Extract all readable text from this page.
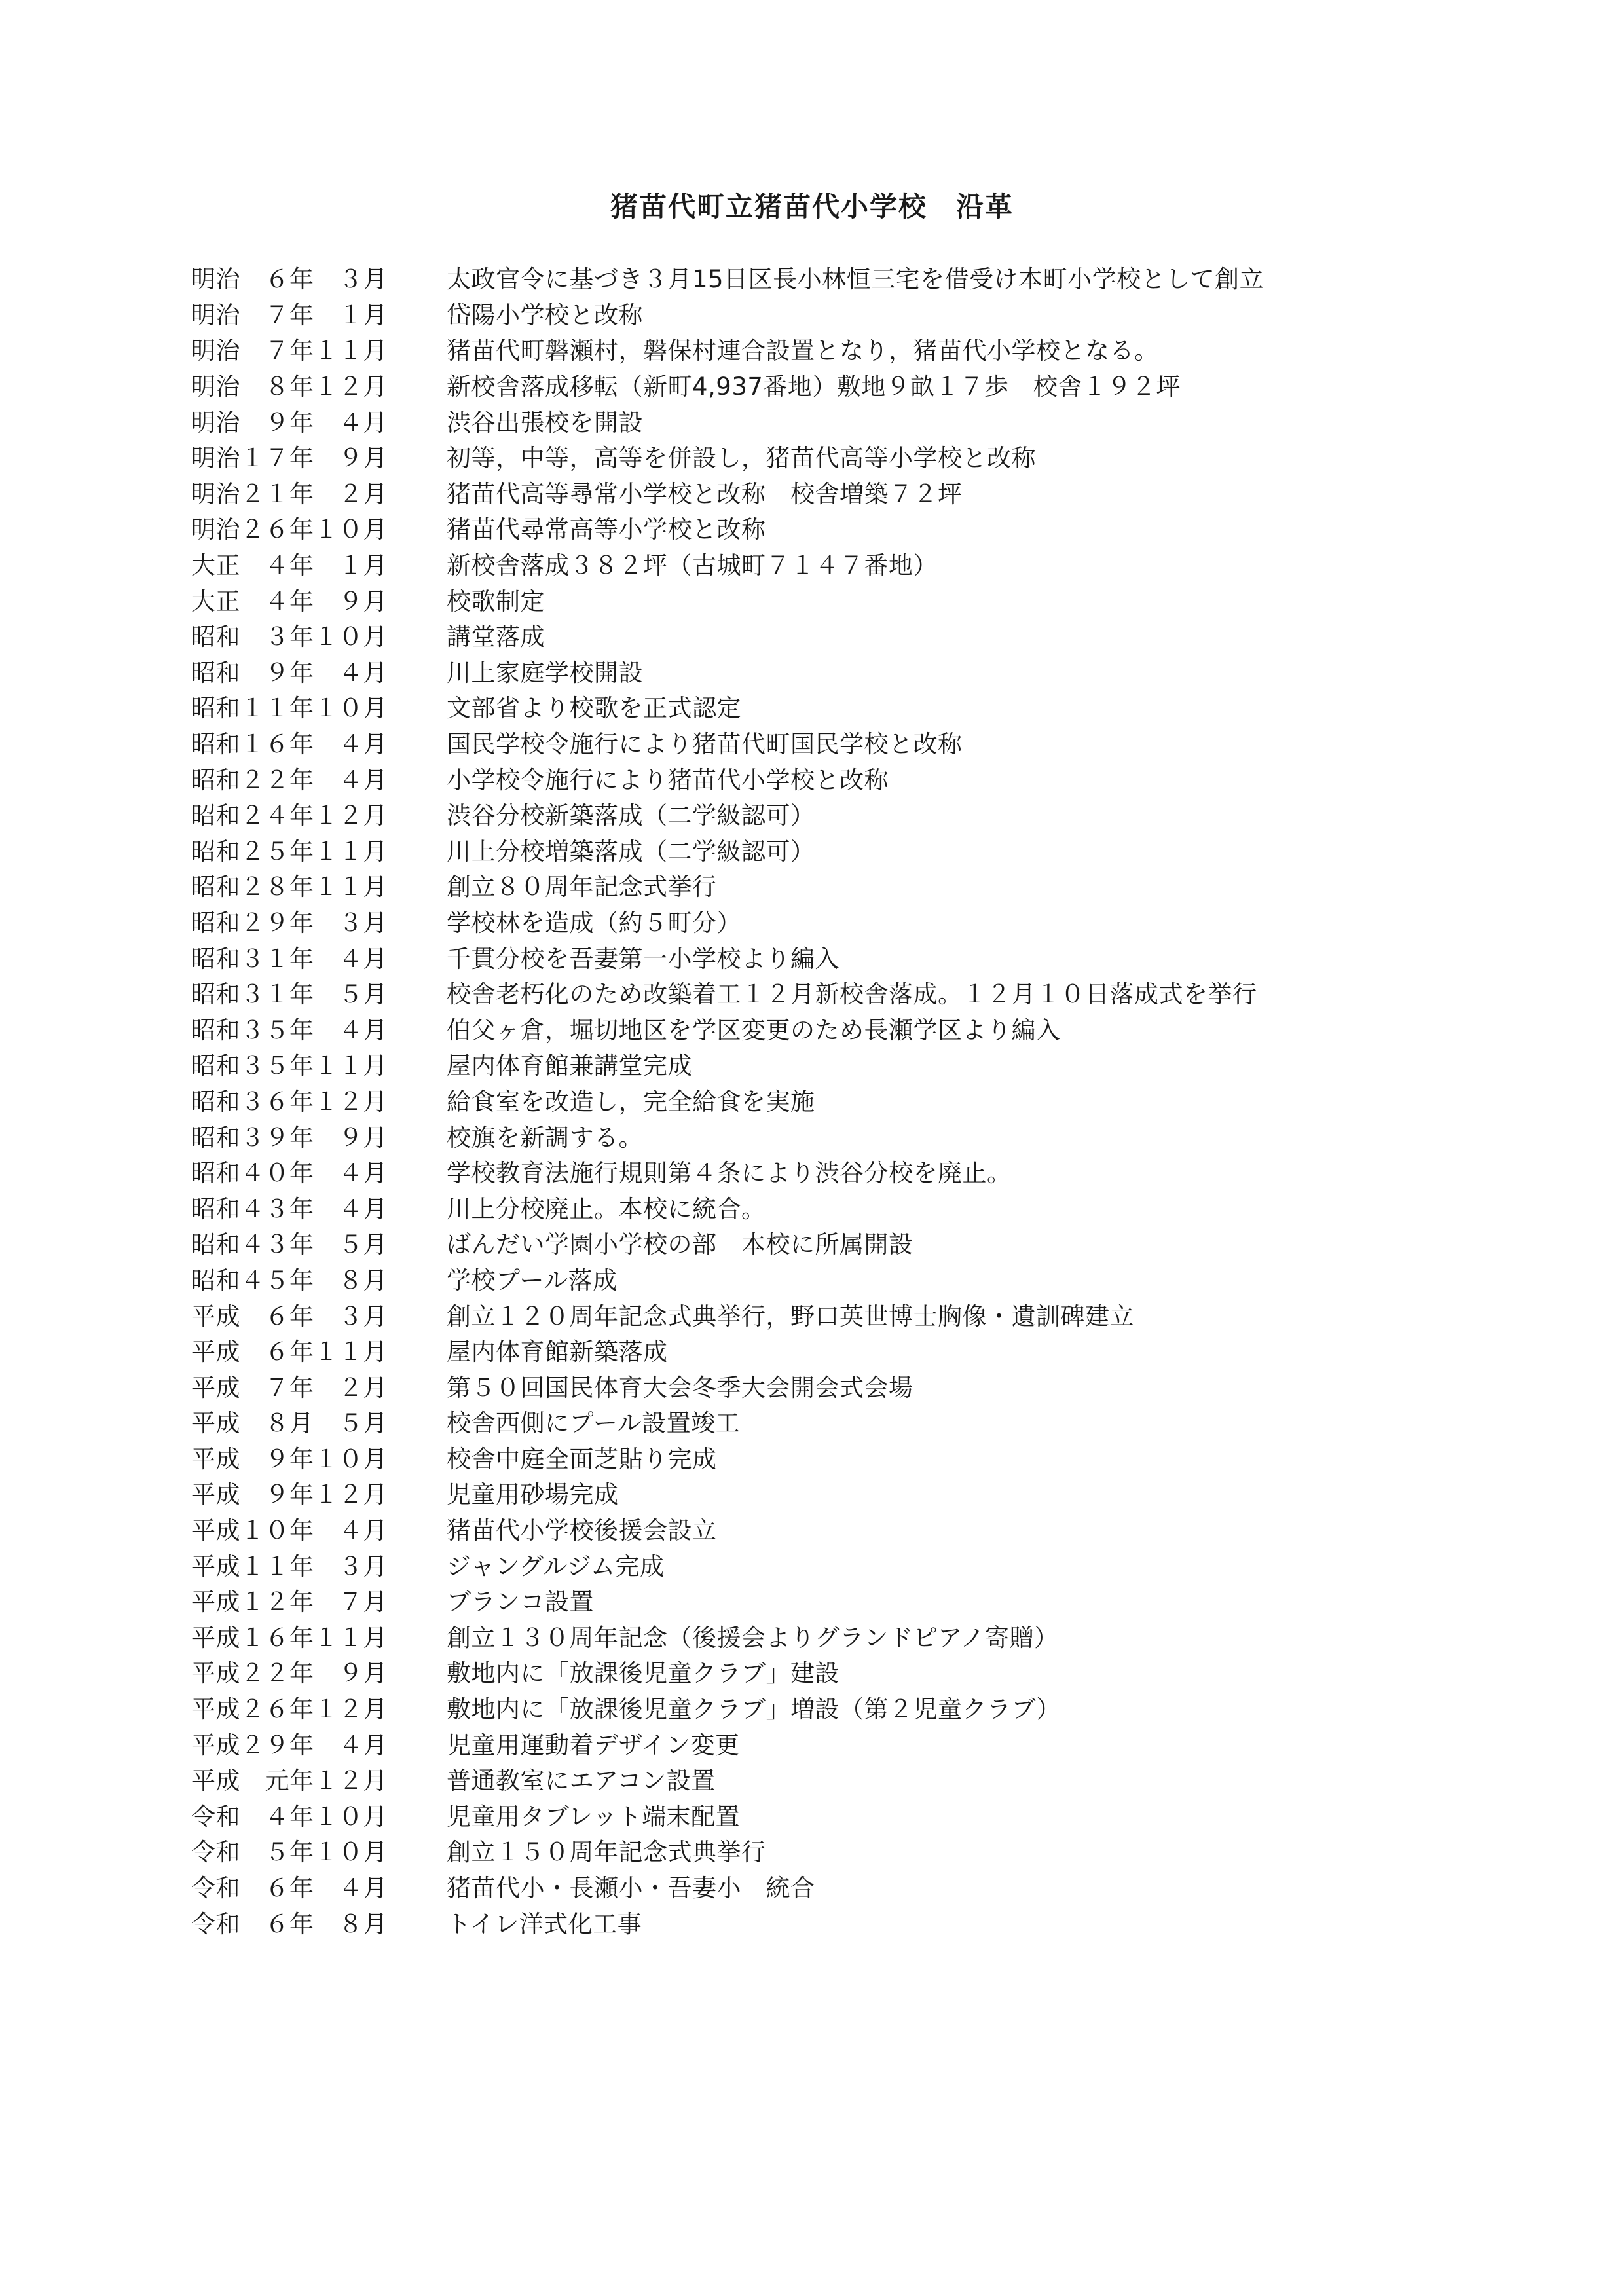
猪苗代町立猪苗代小学校　沿革
明治　６年　３月	太政官令に基づき３月15日区長小林恒三宅を借受け本町小学校として創立
明治　７年　１月	岱陽小学校と改称
明治　７年１１月	猪苗代町磐瀬村，磐保村連合設置となり，猪苗代小学校となる。
明治　８年１２月	新校舎落成移転（新町4,937番地）敷地９畝１７歩　校舎１９２坪
明治　９年　４月	渋谷出張校を開設
明治１７年　９月	初等，中等，高等を併設し，猪苗代高等小学校と改称
明治２１年　２月	猪苗代高等尋常小学校と改称　校舎増築７２坪
明治２６年１０月	猪苗代尋常高等小学校と改称
大正　４年　１月	新校舎落成３８２坪（古城町７１４７番地）
大正　４年　９月	校歌制定
昭和　３年１０月	講堂落成
昭和　９年　４月	川上家庭学校開設
昭和１１年１０月	文部省より校歌を正式認定
昭和１６年　４月	国民学校令施行により猪苗代町国民学校と改称
昭和２２年　４月	小学校令施行により猪苗代小学校と改称
昭和２４年１２月	渋谷分校新築落成（二学級認可）
昭和２５年１１月	川上分校増築落成（二学級認可）
昭和２８年１１月	創立８０周年記念式挙行
昭和２９年　３月	学校林を造成（約５町分）
昭和３１年　４月	千貫分校を吾妻第一小学校より編入
昭和３１年　５月	校舎老朽化のため改築着工１２月新校舎落成。１２月１０日落成式を挙行
昭和３５年　４月	伯父ヶ倉，堀切地区を学区変更のため長瀬学区より編入
昭和３５年１１月	屋内体育館兼講堂完成
昭和３６年１２月	給食室を改造し，完全給食を実施
昭和３９年　９月	校旗を新調する。
昭和４０年　４月	学校教育法施行規則第４条により渋谷分校を廃止。
昭和４３年　４月	川上分校廃止。本校に統合。
昭和４３年　５月	ばんだい学園小学校の部　本校に所属開設
昭和４５年　８月	学校プール落成
平成　６年　３月	創立１２０周年記念式典挙行，野口英世博士胸像・遺訓碑建立
平成　６年１１月	屋内体育館新築落成
平成　７年　２月	第５０回国民体育大会冬季大会開会式会場
平成　８月　５月	校舎西側にプール設置竣工
平成　９年１０月	校舎中庭全面芝貼り完成
平成　９年１２月	児童用砂場完成
平成１０年　４月	猪苗代小学校後援会設立
平成１１年　３月	ジャングルジム完成
平成１２年　７月	ブランコ設置
平成１６年１１月	創立１３０周年記念（後援会よりグランドピアノ寄贈）
平成２２年　９月	敷地内に「放課後児童クラブ」建設
平成２６年１２月	敷地内に「放課後児童クラブ」増設（第２児童クラブ）
平成２９年　４月	児童用運動着デザイン変更
平成　元年１２月	普通教室にエアコン設置
令和　４年１０月	児童用タブレット端末配置
令和　５年１０月	創立１５０周年記念式典挙行
令和　６年　４月	猪苗代小・長瀬小・吾妻小　統合
令和　６年　８月	トイレ洋式化工事
